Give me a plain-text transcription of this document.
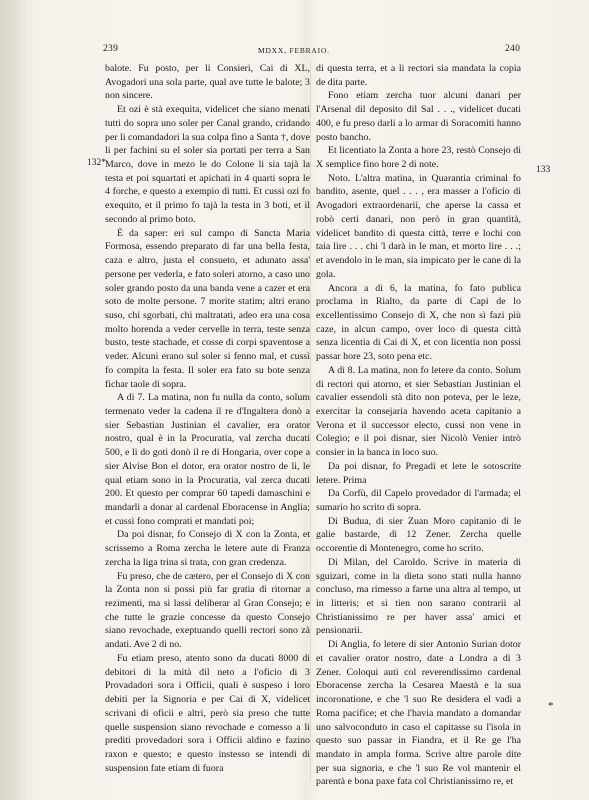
239	MDXX, FEBRAIO.	240
132*
133
*

balote. Fu posto, per li Consieri, Cai di XL, Avogadori una sola parte, qual ave tutte le balote; 3 non sincere.

Et ozi è stà exequita, videlicet che siano menati tutti do sopra uno soler per Canal grando, cridando per li comandadori la sua colpa fino a Santa †, dove li per fachini su el soler sia portati per terra a San Marco, dove in mezo le do Colone li sia tajà la testa et poi squartati et apichati in 4 quarti sopra le 4 forche, e questo a exempio di tutti. Et cussì ozi fo exequito, et il primo fo tajà la testa in 3 boti, et il secondo al primo boto.

È da saper: eri sul campo di Sancta Maria Formosa, essendo preparato di far una bella festa, caza e altro, justa el consueto, et adunato assa' persone per vederla, e fato soleri atorno, a caso uno soler grando posto da una banda vene a cazer et era soto de molte persone. 7 morite statim; altri erano suso, chi sgorbati, chi maltratati, adeo era una cosa molto horenda a veder cervelle in terra, teste senza busto, teste stachade, et cosse di corpi spaventose a veder. Alcuni erano sul soler si fenno mal, et cussì fo compita la festa. Il soler era fato su bote senza fichar taole di sopra.

A dì 7. La matina, non fu nulla da conto, solum termenato veder la cadena il re d'Ingaltera donò a sier Sebastian Justinian el cavalier, era orator nostro, qual è in la Procuratia, val zercha ducati 500, e li do goti donò il re di Hongaria, over cope a sier Alvise Bon el dotor, era orator nostro de li, le qual etiam sono in la Procuratia, val zerca ducati 200. Et questo per comprar 60 tapedi damaschini e mandarli a donar al cardenal Eboracense in Anglia; et cussì fono comprati et mandati poi;

Da poi disnar, fo Consejo di X con la Zonta, et scrissemo a Roma zercha le letere aute di Franza zercha la liga trina sì trata, con gran credenza.

Fu preso, che de cætero, per el Consejo di X con la Zonta non si possi più far gratia di ritornar a rezimenti, ma si lassi deliberar al Gran Consejo; e che tutte le grazie concesse da questo Consejo siano revochade, exeptuando quelli rectori sono zà andati. Ave 2 di no.

Fu etiam preso, atento sono da ducati 8000 di debitori di la mità dil neto a l'oficio di 3 Provadadori sora i Officii, quali è suspeso i loro debiti per la Signoria e per Cai di X, videlicet scrivani di oficii e altri, però sia preso che tutte quelle suspension siano revochade e comesso a li prediti provedadori sora i Officii aldino e fazino raxon e questo; e questo instesso se intendi di suspension fate etiam di fuora

di questa terra, et a li rectori sia mandata la copia de dita parte.

Fono etiam zercha tuor alcuni danari per l'Arsenal dil deposito dil Sal . . ., videlicet ducati 400, e fu preso darli a lo armar di Soracomiti hanno posto bancho.

Et licentiato la Zonta a hore 23, restò Consejo di X semplice fino hore 2 di note.

Noto. L'altra matina, in Quarantia criminal fo bandito, asente, quel . . . , era masser a l'oficio di Avogadori extraordenarii, che aperse la cassa et robò certi danari, non però in gran quantità, videlicet bandito di questa città, terre e lochi con taia lire . . . chi 'l darà in le man, et morto lire . . .; et avendolo in le man, sia impicato per le cane di la gola.

Ancora a dì 6, la matina, fo fato publica proclama in Rialto, da parte di Capi de lo excellentissimo Consejo di X, che non sì fazi più caze, in alcun campo, over loco di questa città senza licentia di Cai di X, et con licentia non possi passar hore 23, soto pena etc.

A dì 8. La matina, non fo letere da conto. Solum di rectori qui atorno, et sier Sebastian Justinian el cavalier essendoli stà dito non poteva, per le leze, exercitar la consejaria havendo aceta capitanio a Verona et il successor electo, cussì non vene in Colegio; e il poi disnar, sier Nicolò Venier intrò consier in la banca in loco suo.

Da poi disnar, fo Pregadi et lete le sotoscrite letere. Prima

Da Corfù, dil Capelo provedador di l'armada; el sumario ho scrito di sopra.

Di Budua, di sier Zuan Moro capitanio di le galie bastarde, dì 12 Zener. Zercha quelle occorentie di Montenegro, come ho scrito.

Di Milan, del Caroldo. Scrive in materia di sguizari, come in la dieta sono stati nulla hanno concluso, ma rimesso a farne una altra al tempo, ut in litteris; et si tien non sarano contrarii al Christianissimo re per haver assa' amici et pensionarii.

Di Anglia, fo letere di sier Antonio Surian dotor et cavalier orator nostro, date a Londra a dì 3 Zener. Coloqui auti col reverendissimo cardenal Eboracense zercha la Cesarea Maestà e la sua incoronatione, e che 'l suo Re desidera el vadi a Roma pacifice; et che l'havia mandato a domandar uno salvoconduto in caso el capitasse su l'isola in questo suo passar in Fiandra, et il Re ge l'ha mandato in ampla forma. Scrive altre parole dite per sua signoria, e che 'l suo Re vol mantenir el parentà e bona paxe fata col Christianissimo re, et
